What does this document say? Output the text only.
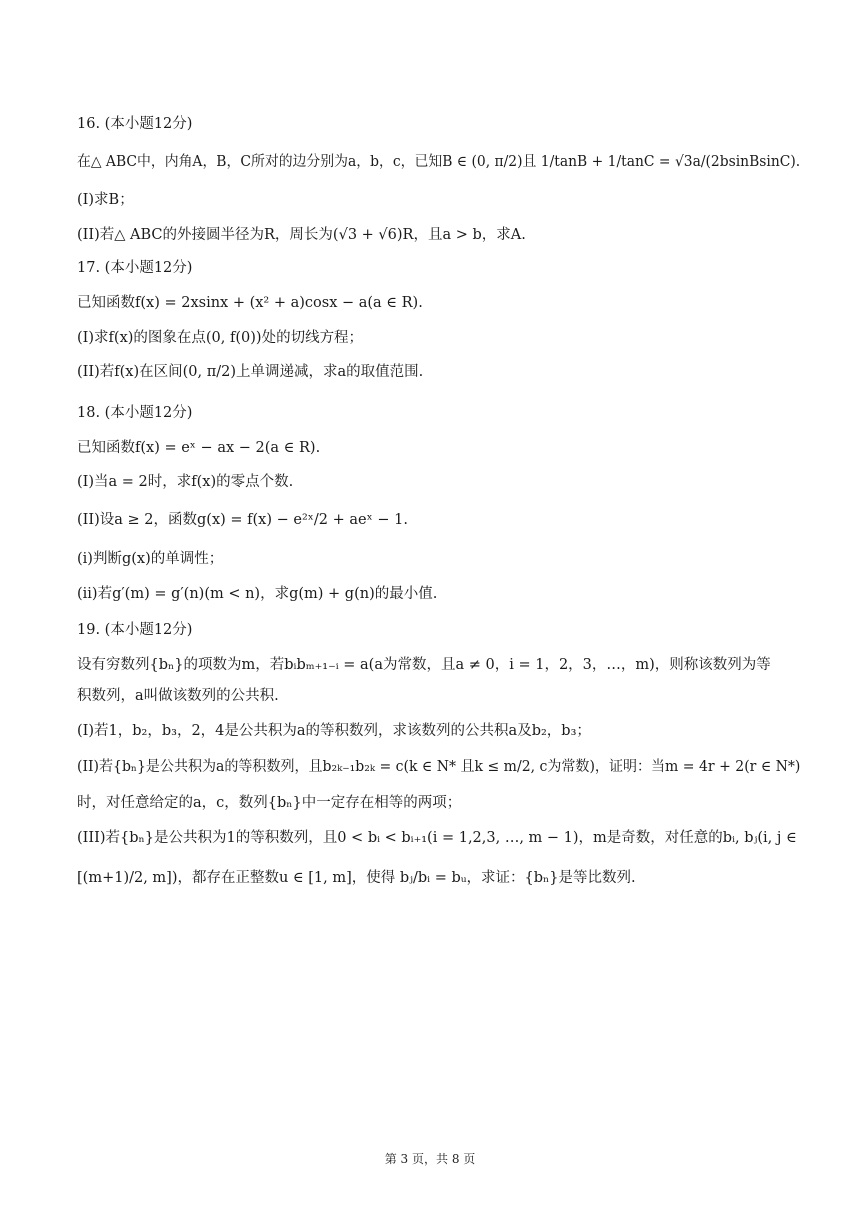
16. (本小题12分)
在△ ABC中，内角A，B，C所对的边分别为a，b，c，已知B ∈ (0, π/2)且 1/tanB + 1/tanC = √3a/(2bsinBsinC).
(I)求B；
(II)若△ ABC的外接圆半径为R，周长为(√3 + √6)R，且a > b，求A.
17. (本小题12分)
已知函数f(x) = 2xsinx + (x² + a)cosx − a(a ∈ R).
(I)求f(x)的图象在点(0, f(0))处的切线方程；
(II)若f(x)在区间(0, π/2)上单调递减，求a的取值范围.
18. (本小题12分)
已知函数f(x) = eˣ − ax − 2(a ∈ R).
(I)当a = 2时，求f(x)的零点个数.
(II)设a ≥ 2，函数g(x) = f(x) − e²ˣ/2 + aeˣ − 1.
(i)判断g(x)的单调性；
(ii)若g′(m) = g′(n)(m < n)，求g(m) + g(n)的最小值.
19. (本小题12分)
设有穷数列{bₙ}的项数为m，若bᵢbₘ₊₁₋ᵢ = a(a为常数，且a ≠ 0，i = 1，2，3，…，m)，则称该数列为等
积数列，a叫做该数列的公共积.
(I)若1，b₂，b₃，2，4是公共积为a的等积数列，求该数列的公共积a及b₂，b₃；
(II)若{bₙ}是公共积为a的等积数列，且b₂ₖ₋₁b₂ₖ = c(k ∈ N* 且k ≤ m/2, c为常数)，证明：当m = 4r + 2(r ∈ N*)
时，对任意给定的a，c，数列{bₙ}中一定存在相等的两项；
(III)若{bₙ}是公共积为1的等积数列，且0 < bᵢ < bᵢ₊₁(i = 1,2,3, …, m − 1)，m是奇数，对任意的bᵢ, bⱼ(i, j ∈
[(m+1)/2, m])，都存在正整数u ∈ [1, m]，使得 bⱼ/bᵢ = bᵤ，求证：{bₙ}是等比数列.
第 3 页，共 8 页
